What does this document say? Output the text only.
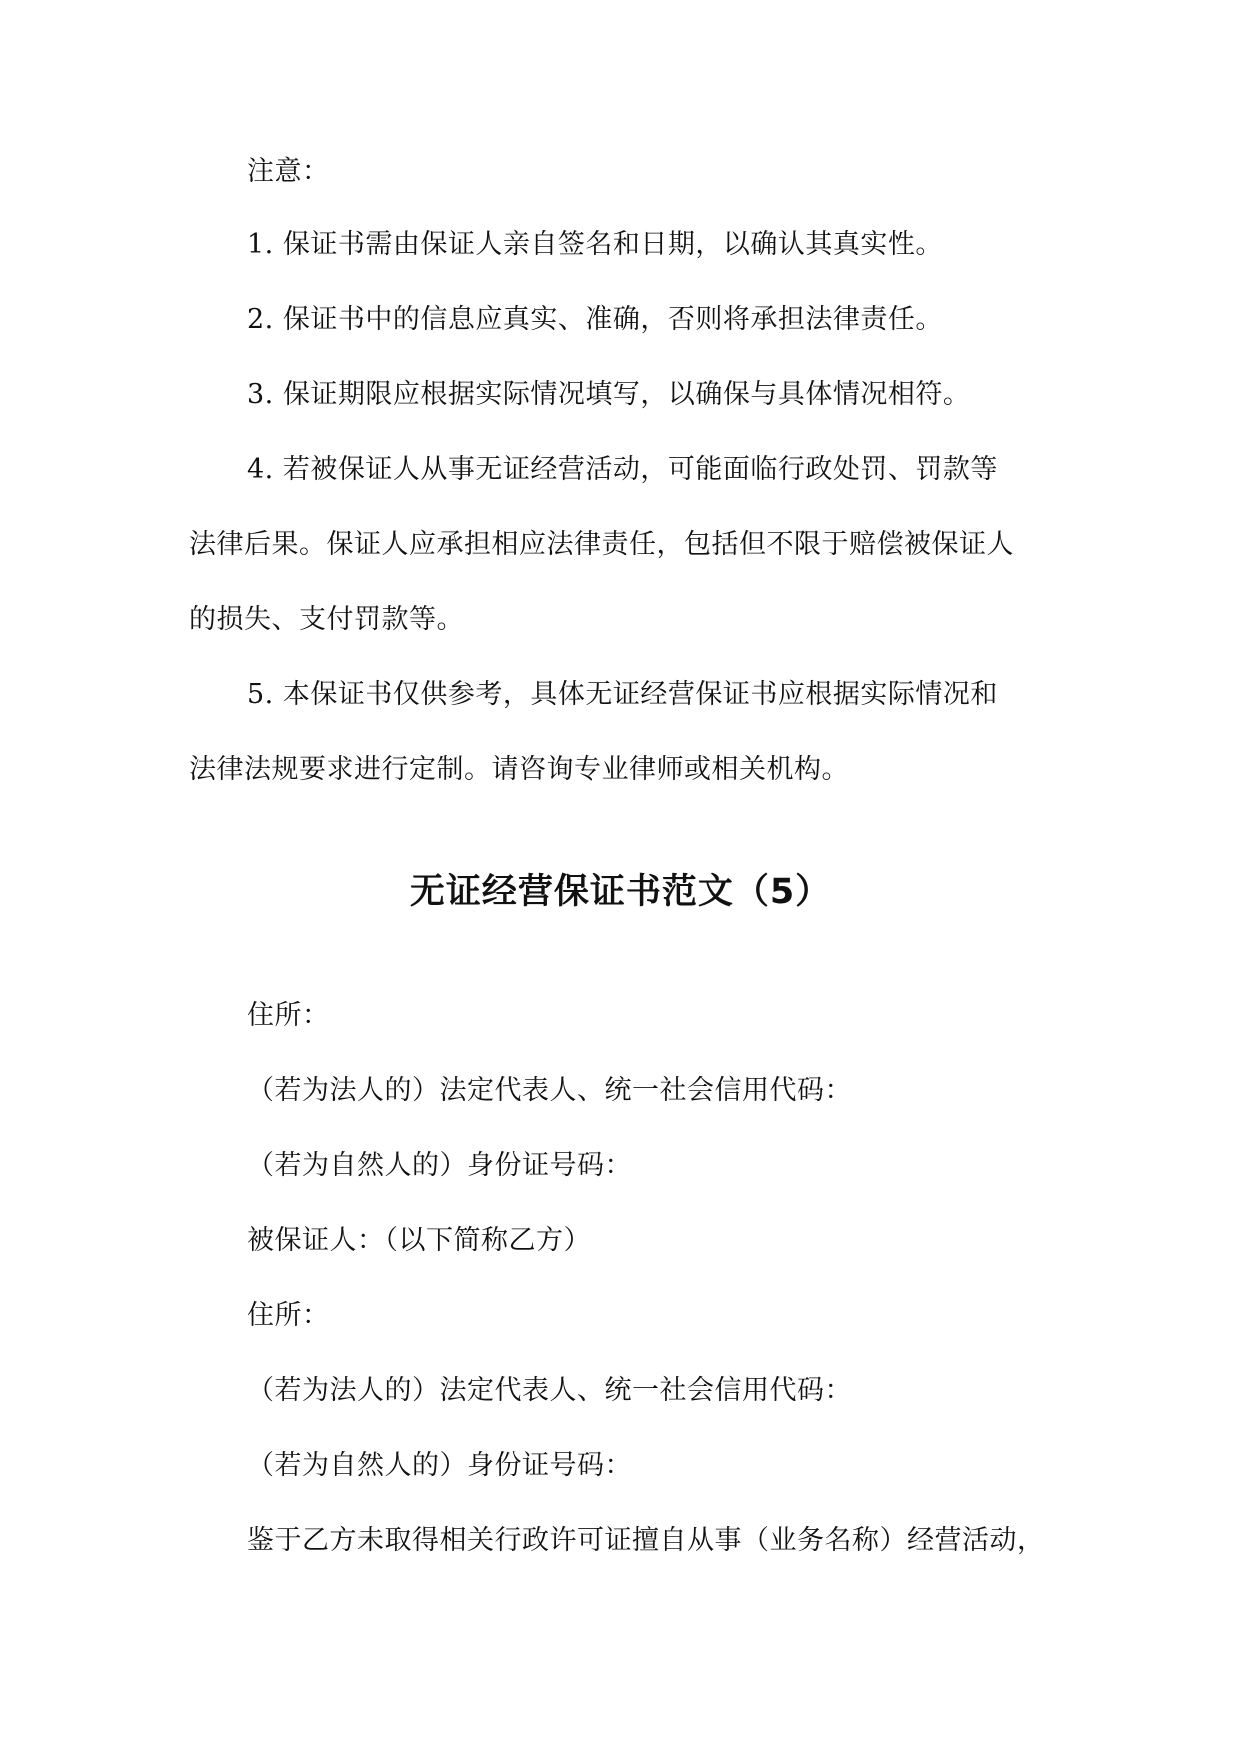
注意：
1. 保证书需由保证人亲自签名和日期，以确认其真实性。
2. 保证书中的信息应真实、准确，否则将承担法律责任。
3. 保证期限应根据实际情况填写，以确保与具体情况相符。
4. 若被保证人从事无证经营活动，可能面临行政处罚、罚款等
法律后果。保证人应承担相应法律责任，包括但不限于赔偿被保证人
的损失、支付罚款等。
5. 本保证书仅供参考，具体无证经营保证书应根据实际情况和
法律法规要求进行定制。请咨询专业律师或相关机构。
无证经营保证书范文（5）
住所：
（若为法人的）法定代表人、统一社会信用代码：
（若为自然人的）身份证号码：
被保证人：（以下简称乙方）
住所：
（若为法人的）法定代表人、统一社会信用代码：
（若为自然人的）身份证号码：
鉴于乙方未取得相关行政许可证擅自从事（业务名称）经营活动，
